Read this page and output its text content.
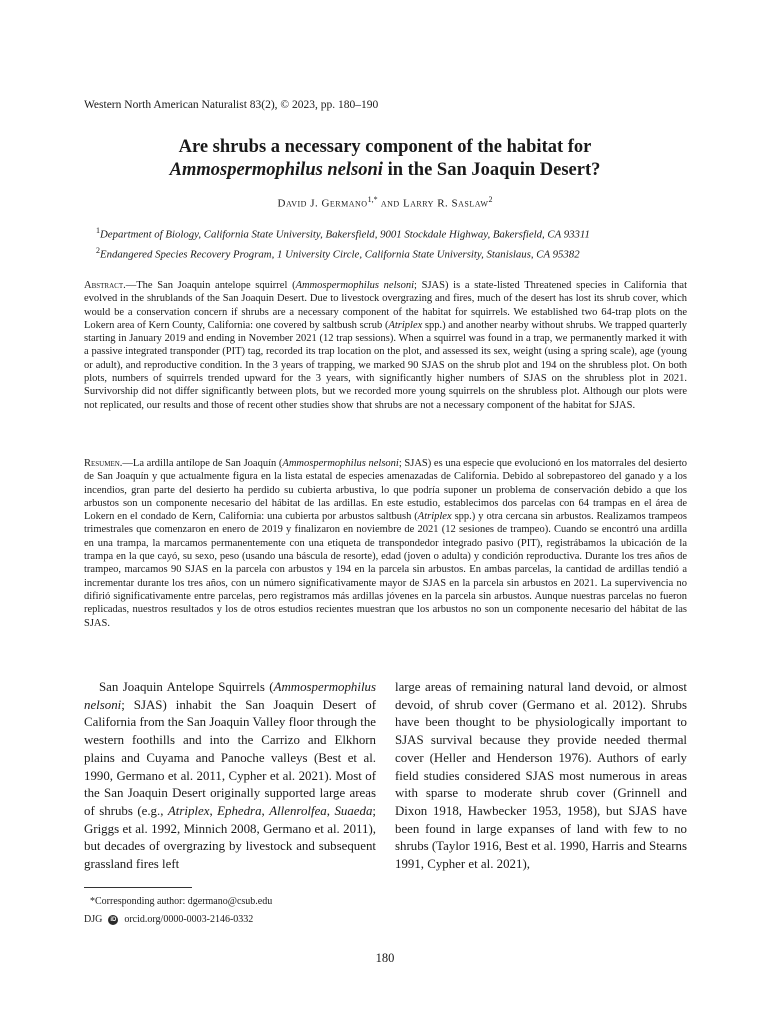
Western North American Naturalist 83(2), © 2023, pp. 180–190
Are shrubs a necessary component of the habitat for
Ammospermophilus nelsoni in the San Joaquin Desert?
David J. Germano$^{1,*}$ and Larry R. Saslaw$^2$
$^1$Department of Biology, California State University, Bakersfield, 9001 Stockdale Highway, Bakersfield, CA 93311
$^2$Endangered Species Recovery Program, 1 University Circle, California State University, Stanislaus, CA 95382
Abstract.—The San Joaquin antelope squirrel (Ammospermophilus nelsoni; SJAS) is a state-listed Threatened species in California that evolved in the shrublands of the San Joaquin Desert. Due to livestock overgrazing and fires, much of the desert has lost its shrub cover, which would be a conservation concern if shrubs are a necessary component of the habitat for squirrels. We established two 64-trap plots on the Lokern area of Kern County, California: one covered by saltbush scrub (Atriplex spp.) and another nearby without shrubs. We trapped quarterly starting in January 2019 and ending in November 2021 (12 trap sessions). When a squirrel was found in a trap, we permanently marked it with a passive integrated transponder (PIT) tag, recorded its trap location on the plot, and assessed its sex, weight (using a spring scale), age (young or adult), and reproductive condition. In the 3 years of trapping, we marked 90 SJAS on the shrub plot and 194 on the shrubless plot. On both plots, numbers of squirrels trended upward for the 3 years, with significantly higher numbers of SJAS on the shrubless plot in 2021. Survivorship did not differ significantly between plots, but we recorded more young squirrels on the shrubless plot. Although our plots were not replicated, our results and those of recent other studies show that shrubs are not a necessary component of the habitat for SJAS.
Resumen.—La ardilla antílope de San Joaquín (Ammospermophilus nelsoni; SJAS) es una especie que evolucionó en los matorrales del desierto de San Joaquín y que actualmente figura en la lista estatal de especies amenazadas de California. Debido al sobrepastoreo del ganado y a los incendios, gran parte del desierto ha perdido su cubierta arbustiva, lo que podría suponer un problema de conservación debido a que los arbustos son un componente necesario del hábitat de las ardillas. En este estudio, establecimos dos parcelas con 64 trampas en el área de Lokern en el condado de Kern, California: una cubierta por arbustos saltbush (Atriplex spp.) y otra cercana sin arbustos. Realizamos trampeos trimestrales que comenzaron en enero de 2019 y finalizaron en noviembre de 2021 (12 sesiones de trampeo). Cuando se encontró una ardilla en una trampa, la marcamos permanentemente con una etiqueta de transpondedor integrado pasivo (PIT), registrábamos la ubicación de la trampa en la que cayó, su sexo, peso (usando una báscula de resorte), edad (joven o adulta) y condición reproductiva. Durante los tres años de trampeo, marcamos 90 SJAS en la parcela con arbustos y 194 en la parcela sin arbustos. En ambas parcelas, la cantidad de ardillas tendió a incrementar durante los tres años, con un número significativamente mayor de SJAS en la parcela sin arbustos en 2021. La supervivencia no difirió significativamente entre parcelas, pero registramos más ardillas jóvenes en la parcela sin arbustos. Aunque nuestras parcelas no fueron replicadas, nuestros resultados y los de otros estudios recientes muestran que los arbustos no son un componente necesario del hábitat de las SJAS.
San Joaquin Antelope Squirrels (Ammospermophilus nelsoni; SJAS) inhabit the San Joaquin Desert of California from the San Joaquin Valley floor through the western foothills and into the Carrizo and Elkhorn plains and Cuyama and Panoche valleys (Best et al. 1990, Germano et al. 2011, Cypher et al. 2021). Most of the San Joaquin Desert originally supported large areas of shrubs (e.g., Atriplex, Ephedra, Allenrolfea, Suaeda; Griggs et al. 1992, Minnich 2008, Germano et al. 2011), but decades of overgrazing by livestock and subsequent grassland fires left
large areas of remaining natural land devoid, or almost devoid, of shrub cover (Germano et al. 2012). Shrubs have been thought to be physiologically important to SJAS survival because they provide needed thermal cover (Heller and Henderson 1976). Authors of early field studies considered SJAS most numerous in areas with sparse to moderate shrub cover (Grinnell and Dixon 1918, Hawbecker 1953, 1958), but SJAS have been found in large expanses of land with few to no shrubs (Taylor 1916, Best et al. 1990, Harris and Stearns 1991, Cypher et al. 2021),
*Corresponding author: dgermano@csub.edu
DJG	iD orcid.org/0000-0003-2146-0332
180
